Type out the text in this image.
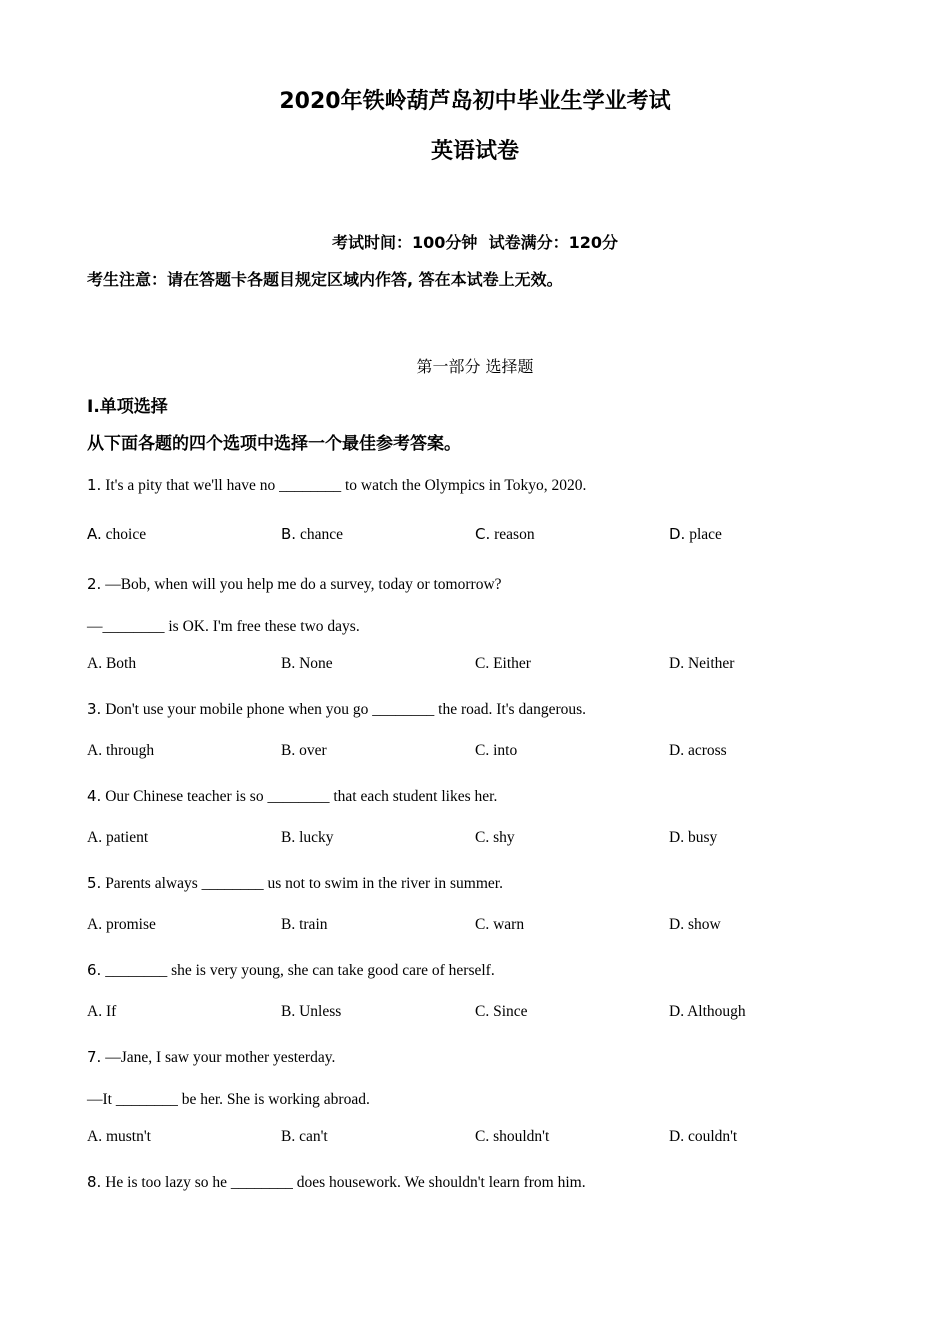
2020年铁岭葫芦岛初中毕业生学业考试
英语试卷
考试时间：100分钟 试卷满分：120分
考生注意：请在答题卡各题目规定区域内作答, 答在本试卷上无效。
第一部分 选择题
I.单项选择
从下面各题的四个选项中选择一个最佳参考答案。
1. It's a pity that we'll have no ________ to watch the Olympics in Tokyo, 2020.
A. choice	B. chance	C. reason	D. place
2. —Bob, when will you help me do a survey, today or tomorrow?
—________ is OK. I'm free these two days.
A. Both	B. None	C. Either	D. Neither
3. Don't use your mobile phone when you go ________ the road. It's dangerous.
A. through	B. over	C. into	D. across
4. Our Chinese teacher is so ________ that each student likes her.
A. patient	B. lucky	C. shy	D. busy
5. Parents always ________ us not to swim in the river in summer.
A. promise	B. train	C. warn	D. show
6. ________ she is very young, she can take good care of herself.
A. If	B. Unless	C. Since	D. Although
7. —Jane, I saw your mother yesterday.
—It ________ be her. She is working abroad.
A. mustn't	B. can't	C. shouldn't	D. couldn't
8. He is too lazy so he ________ does housework. We shouldn't learn from him.
